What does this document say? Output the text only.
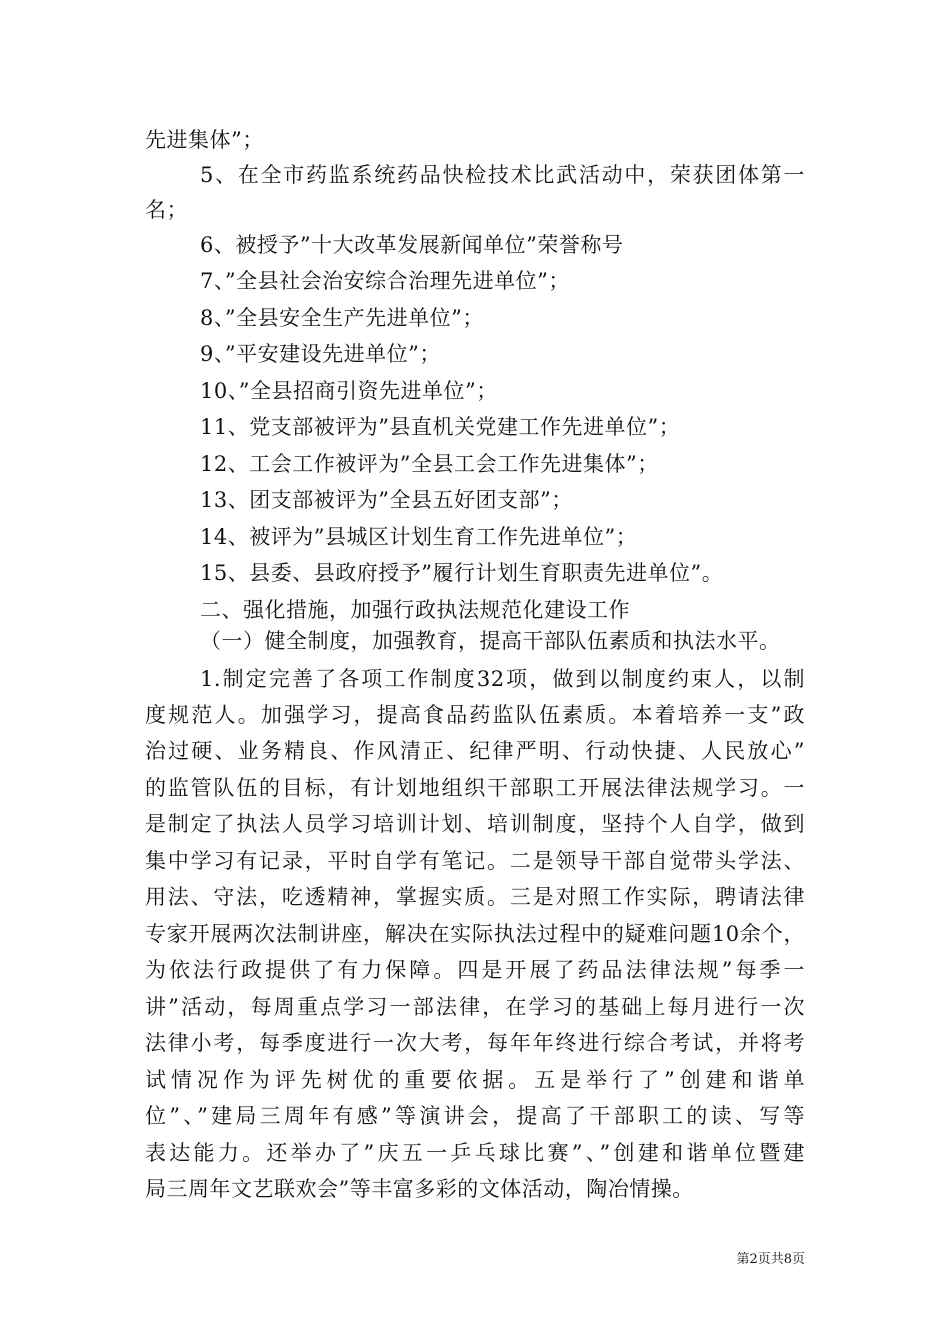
先进集体”；
5、在全市药监系统药品快检技术比武活动中，荣获团体第一
名；
6、被授予”十大改革发展新闻单位”荣誉称号
7、”全县社会治安综合治理先进单位”；
8、”全县安全生产先进单位”；
9、”平安建设先进单位”；
10、”全县招商引资先进单位”；
11、党支部被评为”县直机关党建工作先进单位”；
12、工会工作被评为”全县工会工作先进集体”；
13、团支部被评为”全县五好团支部”；
14、被评为”县城区计划生育工作先进单位”；
15、县委、县政府授予”履行计划生育职责先进单位”。
二、强化措施，加强行政执法规范化建设工作
（一）健全制度，加强教育，提高干部队伍素质和执法水平。
1.制定完善了各项工作制度32项，做到以制度约束人，以制
度规范人。加强学习，提高食品药监队伍素质。本着培养一支”政
治过硬、业务精良、作风清正、纪律严明、行动快捷、人民放心”
的监管队伍的目标，有计划地组织干部职工开展法律法规学习。一
是制定了执法人员学习培训计划、培训制度，坚持个人自学，做到
集中学习有记录，平时自学有笔记。二是领导干部自觉带头学法、
用法、守法，吃透精神，掌握实质。三是对照工作实际，聘请法律
专家开展两次法制讲座，解决在实际执法过程中的疑难问题10余个，
为依法行政提供了有力保障。四是开展了药品法律法规”每季一
讲”活动，每周重点学习一部法律，在学习的基础上每月进行一次
法律小考，每季度进行一次大考，每年年终进行综合考试，并将考
试情况作为评先树优的重要依据。五是举行了”创建和谐单
位”、”建局三周年有感”等演讲会，提高了干部职工的读、写等
表达能力。还举办了”庆五一乒乓球比赛”、”创建和谐单位暨建
局三周年文艺联欢会”等丰富多彩的文体活动，陶冶情操。
第2页共8页
